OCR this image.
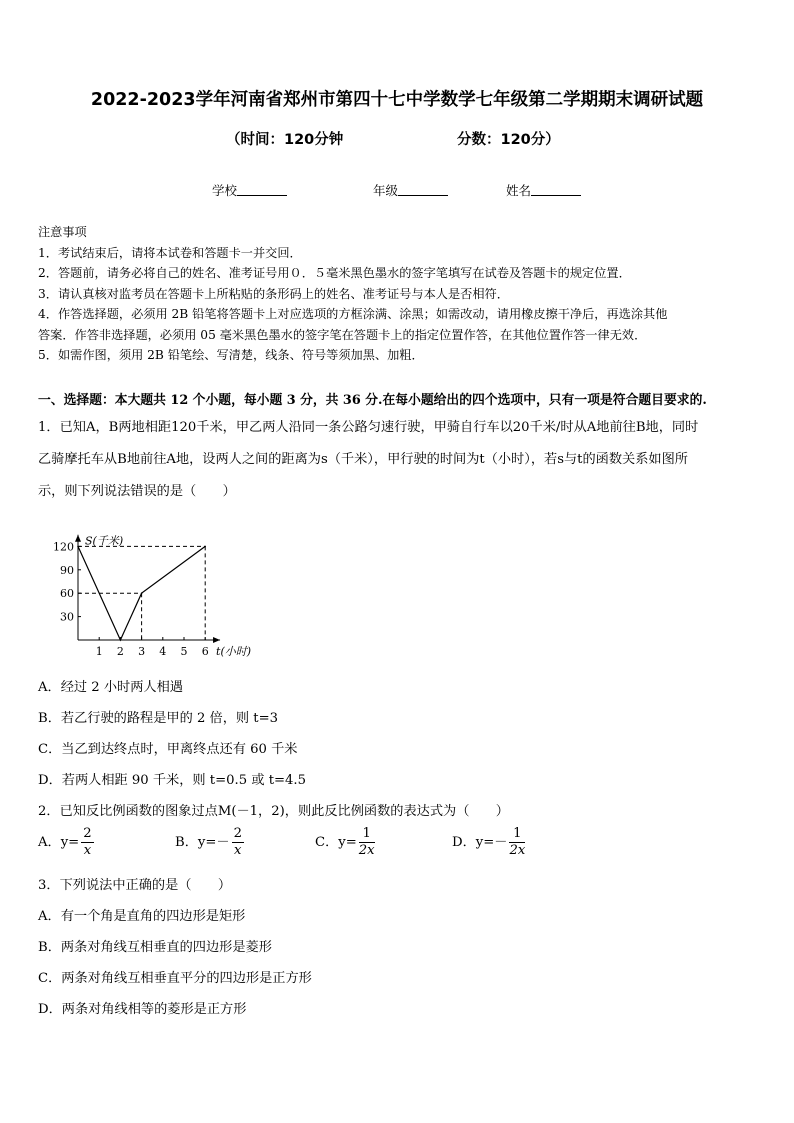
2022-2023学年河南省郑州市第四十七中学数学七年级第二学期期末调研试题
（时间：120分钟	分数：120分）
学校	年级	姓名
注意事项
1．考试结束后，请将本试卷和答题卡一并交回．
2．答题前，请务必将自己的姓名、准考证号用０．５毫米黑色墨水的签字笔填写在试卷及答题卡的规定位置．
3．请认真核对监考员在答题卡上所粘贴的条形码上的姓名、准考证号与本人是否相符．
4．作答选择题，必须用 2B 铅笔将答题卡上对应选项的方框涂满、涂黑；如需改动，请用橡皮擦干净后，再选涂其他
答案．作答非选择题，必须用 05 毫米黑色墨水的签字笔在答题卡上的指定位置作答，在其他位置作答一律无效．
5．如需作图，须用 2B 铅笔绘、写清楚，线条、符号等须加黑、加粗．
一、选择题：本大题共 12 个小题，每小题 3 分，共 36 分.在每小题给出的四个选项中，只有一项是符合题目要求的.
1．已知A，B两地相距120千米，甲乙两人沿同一条公路匀速行驶，甲骑自行车以20千米/时从A地前往B地，同时
乙骑摩托车从B地前往A地，设两人之间的距离为s（千米），甲行驶的时间为t（小时），若s与t的函数关系如图所
示，则下列说法错误的是（　　）
30
60
90
120
1 2 3 4 5 6
S(千米)
t(小时)
A．经过 2 小时两人相遇
B．若乙行驶的路程是甲的 2 倍，则 t=3
C．当乙到达终点时，甲离终点还有 60 千米
D．若两人相距 90 千米，则 t=0.5 或 t=4.5
2．已知反比例函数的图象过点M(－1，2)，则此反比例函数的表达式为（　　）
A．$y= \frac{2}{x}$	B．$y=- \frac{2}{x}$	C．$y= \frac{1}{2x}$	D．$y=- \frac{1}{2x}$
3．下列说法中正确的是（　　）
A．有一个角是直角的四边形是矩形
B．两条对角线互相垂直的四边形是菱形
C．两条对角线互相垂直平分的四边形是正方形
D．两条对角线相等的菱形是正方形
